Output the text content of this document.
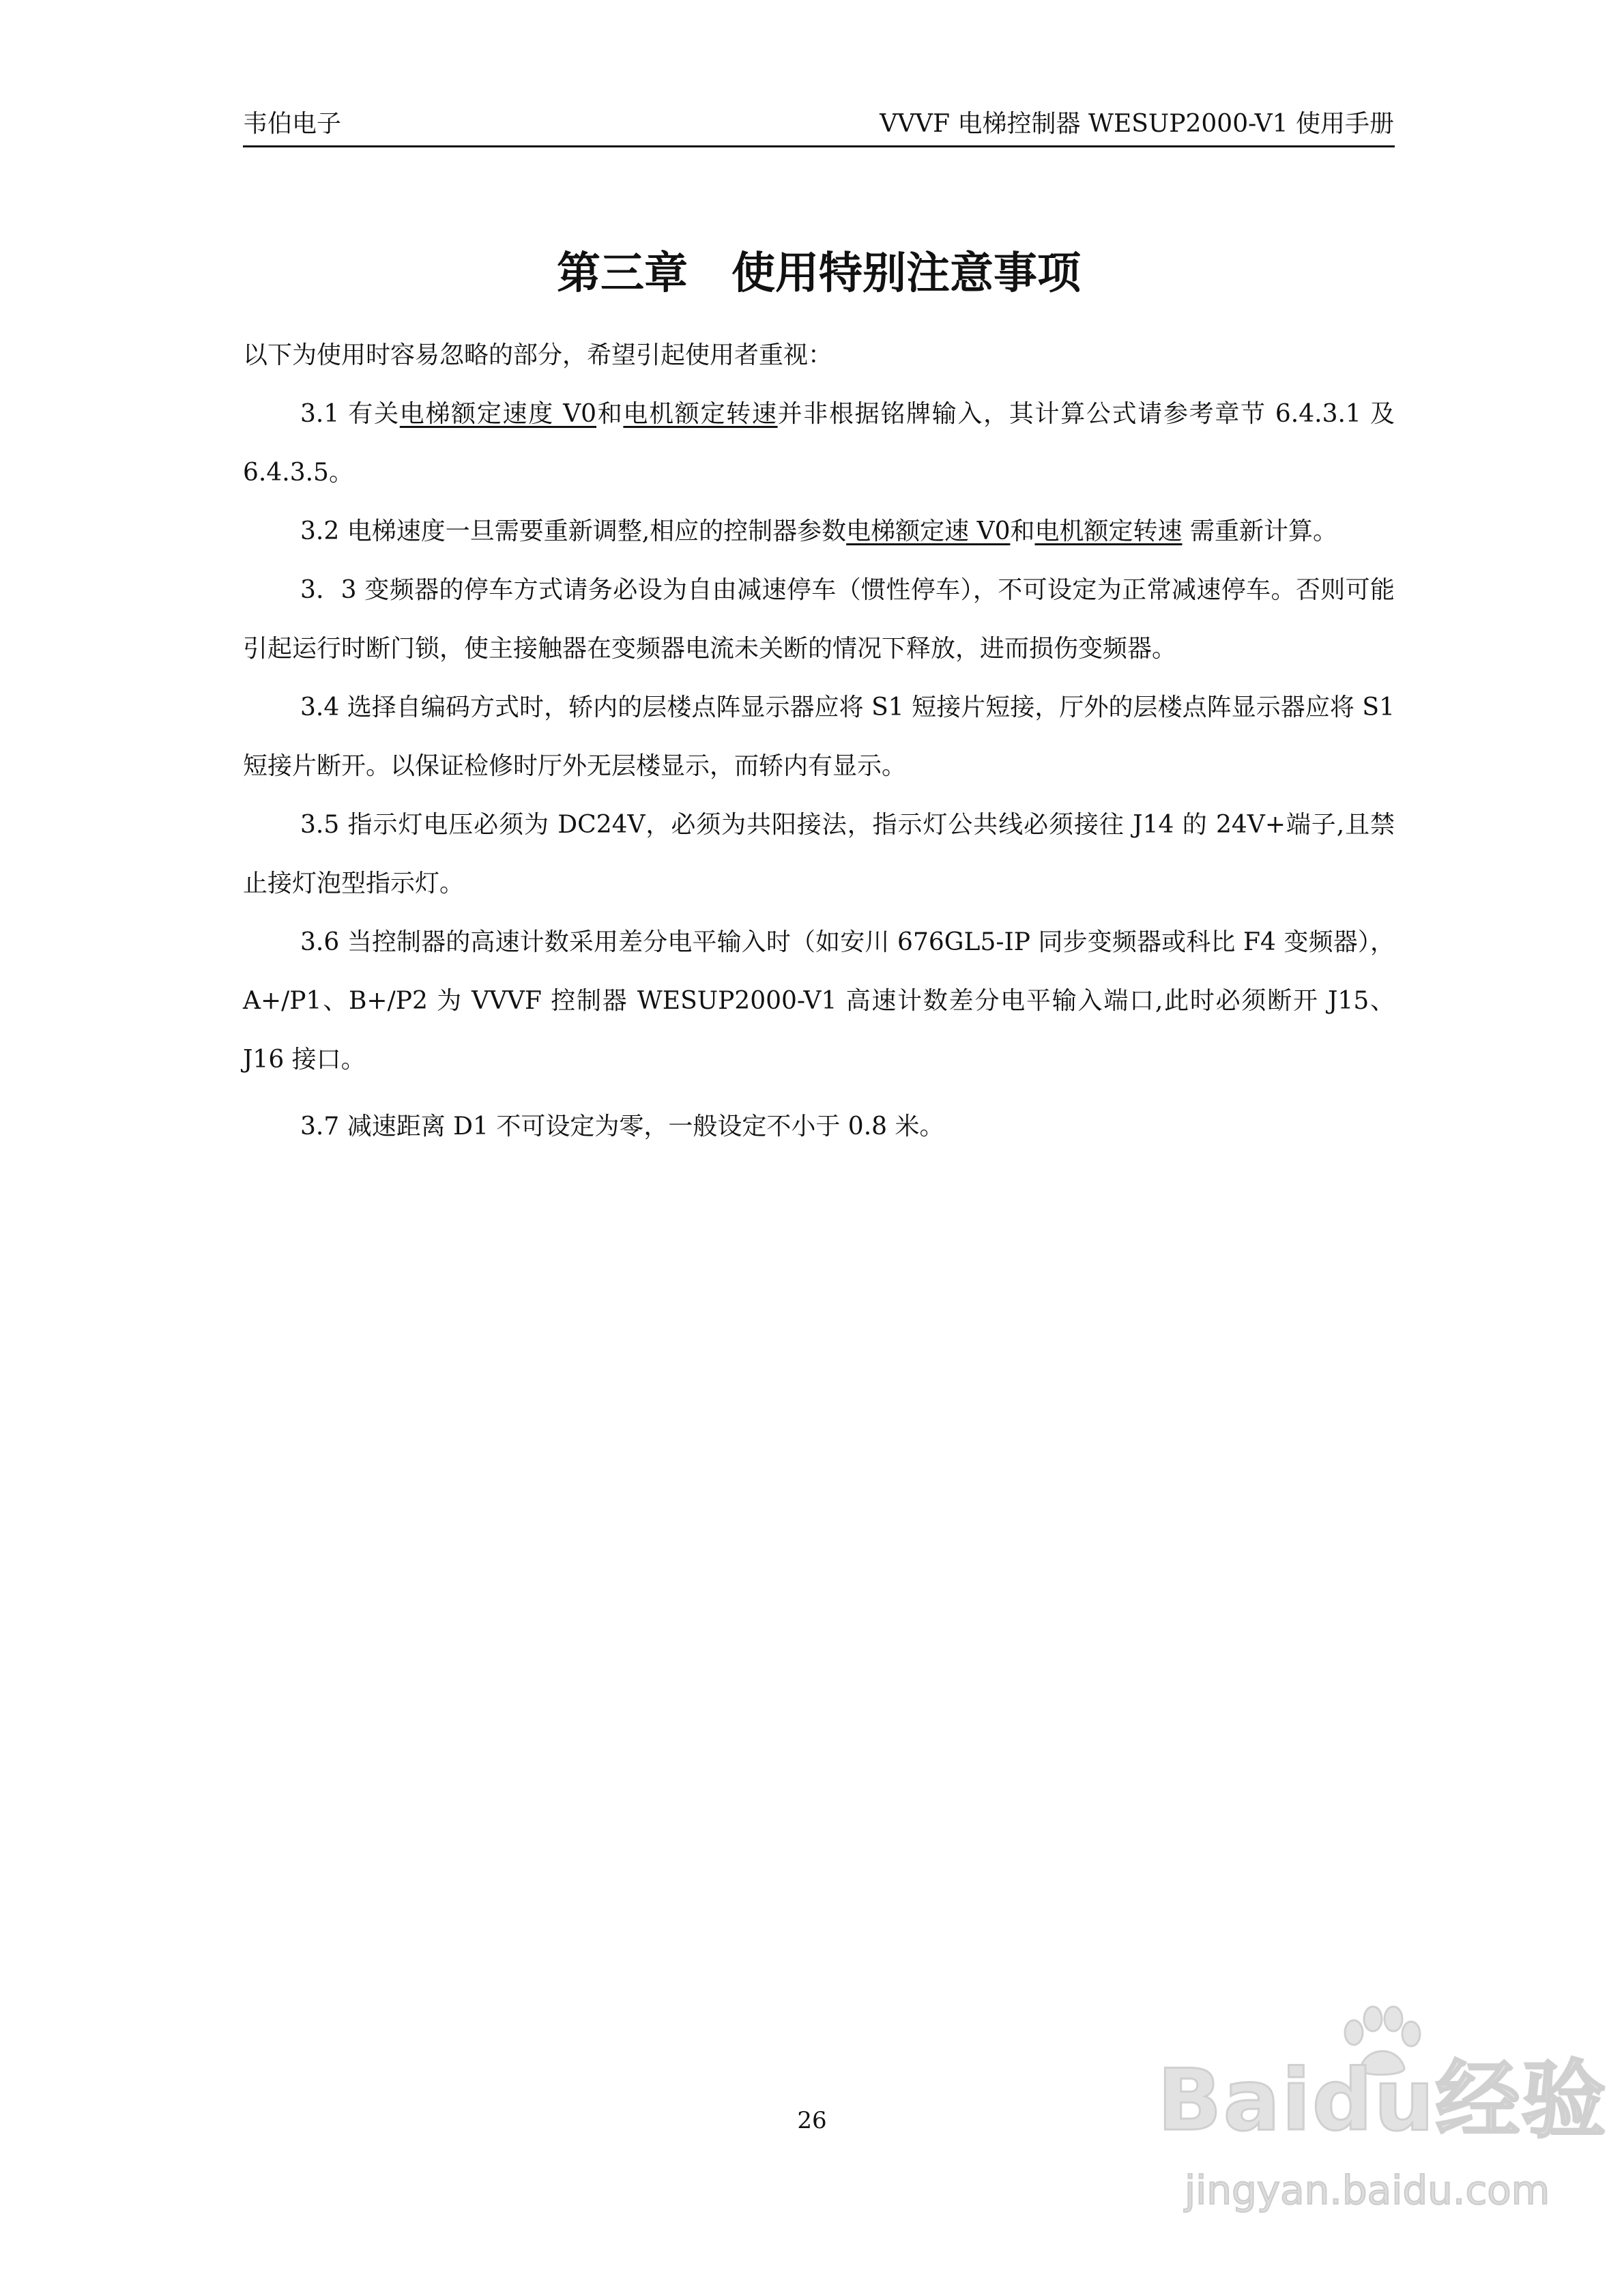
韦伯电子	VVVF 电梯控制器 WESUP2000-V1 使用手册
第三章　使用特别注意事项

以下为使用时容易忽略的部分，希望引起使用者重视：

3.1 有关电梯额定速度 V0和电机额定转速并非根据铭牌输入，其计算公式请参考章节 6.4.3.1 及 6.4.3.5。

3.2 电梯速度一旦需要重新调整,相应的控制器参数电梯额定速 V0和电机额定转速 需重新计算。

3．3 变频器的停车方式请务必设为自由减速停车（惯性停车），不可设定为正常减速停车。否则可能引起运行时断门锁，使主接触器在变频器电流未关断的情况下释放，进而损伤变频器。

3.4 选择自编码方式时，轿内的层楼点阵显示器应将 S1 短接片短接，厅外的层楼点阵显示器应将 S1 短接片断开。以保证检修时厅外无层楼显示，而轿内有显示。

3.5 指示灯电压必须为 DC24V，必须为共阳接法，指示灯公共线必须接往 J14 的 24V+端子,且禁止接灯泡型指示灯。

3.6 当控制器的高速计数采用差分电平输入时（如安川 676GL5-IP 同步变频器或科比 F4 变频器），A+/P1、B+/P2 为 VVVF 控制器 WESUP2000-V1 高速计数差分电平输入端口,此时必须断开 J15、J16 接口。

3.7 减速距离 D1 不可设定为零，一般设定不小于 0.8 米。

26	Baidu经验
jingyan.baidu.com
